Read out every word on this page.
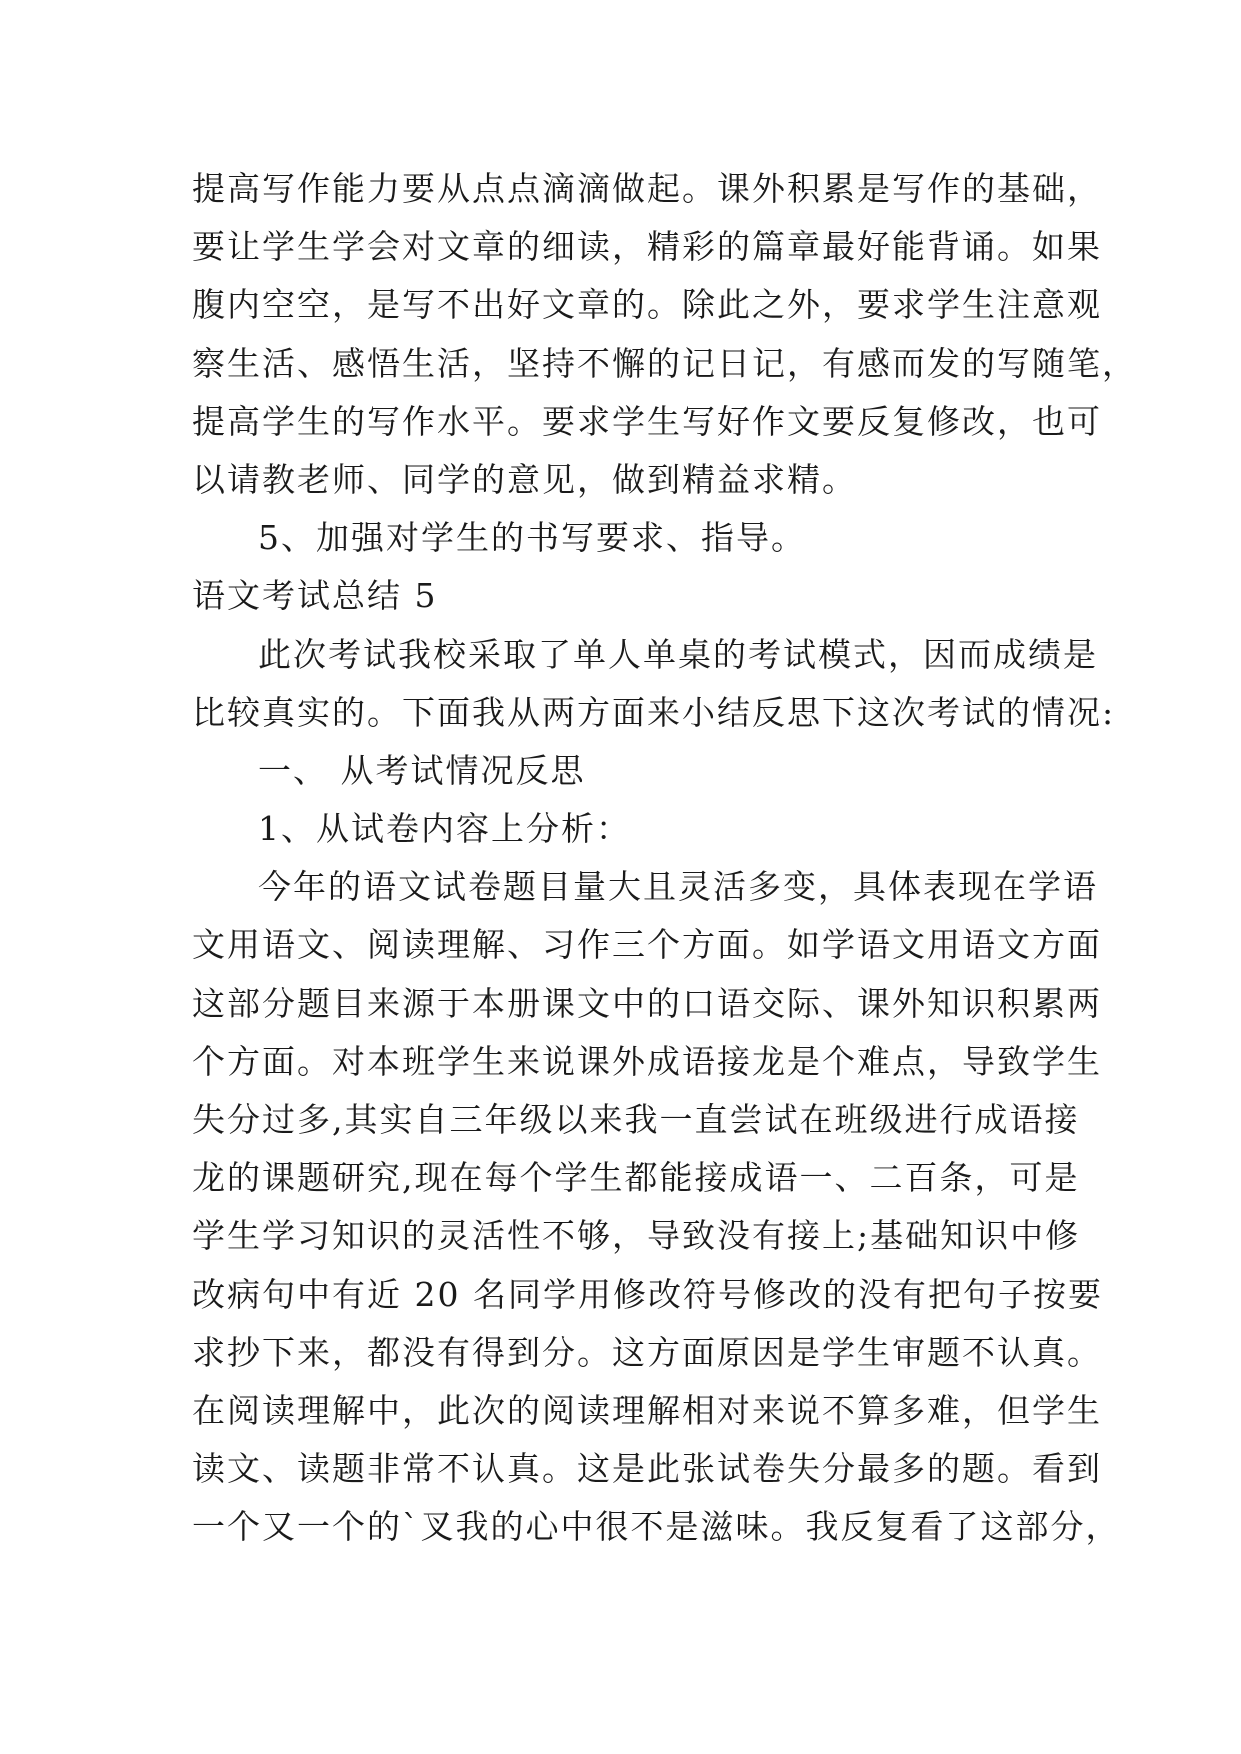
提高写作能力要从点点滴滴做起。课外积累是写作的基础，
要让学生学会对文章的细读，精彩的篇章最好能背诵。如果
腹内空空，是写不出好文章的。除此之外，要求学生注意观
察生活、感悟生活，坚持不懈的记日记，有感而发的写随笔，
提高学生的写作水平。要求学生写好作文要反复修改，也可
以请教老师、同学的意见，做到精益求精。
5、加强对学生的书写要求、指导。
语文考试总结 5
此次考试我校采取了单人单桌的考试模式，因而成绩是
比较真实的。下面我从两方面来小结反思下这次考试的情况:
一、 从考试情况反思
1、从试卷内容上分析：
今年的语文试卷题目量大且灵活多变，具体表现在学语
文用语文、阅读理解、习作三个方面。如学语文用语文方面
这部分题目来源于本册课文中的口语交际、课外知识积累两
个方面。对本班学生来说课外成语接龙是个难点，导致学生
失分过多,其实自三年级以来我一直尝试在班级进行成语接
龙的课题研究,现在每个学生都能接成语一、二百条，可是
学生学习知识的灵活性不够，导致没有接上;基础知识中修
改病句中有近 20 名同学用修改符号修改的没有把句子按要
求抄下来，都没有得到分。这方面原因是学生审题不认真。
在阅读理解中，此次的阅读理解相对来说不算多难，但学生
读文、读题非常不认真。这是此张试卷失分最多的题。看到
一个又一个的`叉我的心中很不是滋味。我反复看了这部分，
